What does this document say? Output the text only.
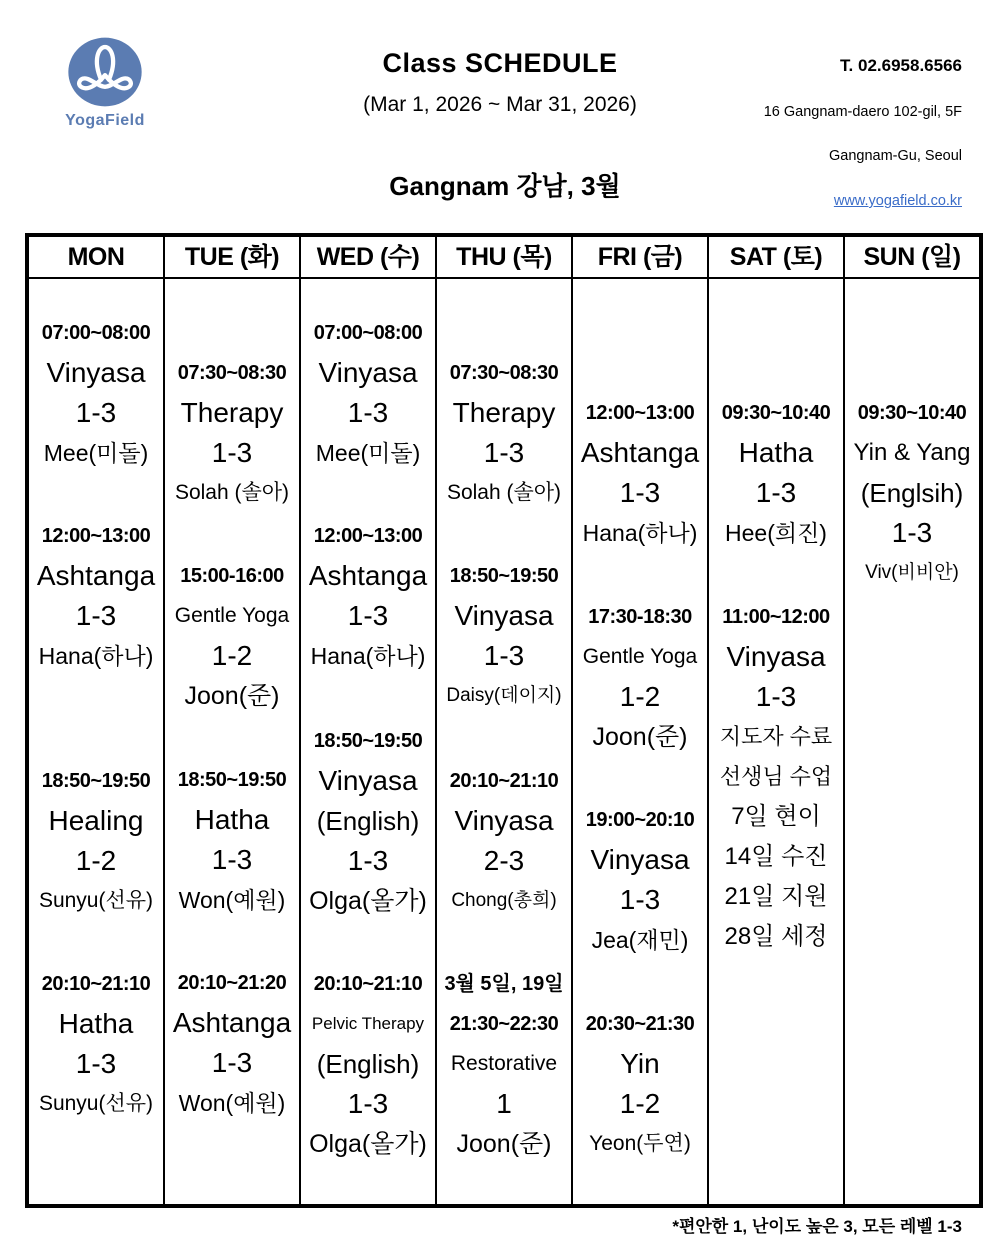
YogaField
Class SCHEDULE
(Mar 1, 2026 ~ Mar 31, 2026)
Gangnam 강남, 3월
T. 02.6958.6566
16 Gangnam-daero 102-gil, 5F
Gangnam-Gu, Seoul
www.yogafield.co.kr
MON
07:00~08:00
Vinyasa
1-3
Mee(미돌)
12:00~13:00
Ashtanga
1-3
Hana(하나)
18:50~19:50
Healing
1-2
Sunyu(선유)
20:10~21:10
Hatha
1-3
Sunyu(선유)
TUE (화)
07:30~08:30
Therapy
1-3
Solah (솔아)
15:00-16:00
Gentle Yoga
1-2
Joon(준)
18:50~19:50
Hatha
1-3
Won(예원)
20:10~21:20
Ashtanga
1-3
Won(예원)
WED (수)
07:00~08:00
Vinyasa
1-3
Mee(미돌)
12:00~13:00
Ashtanga
1-3
Hana(하나)
18:50~19:50
Vinyasa
(English)
1-3
Olga(올가)
20:10~21:10
Pelvic Therapy
(English)
1-3
Olga(올가)
THU (목)
07:30~08:30
Therapy
1-3
Solah (솔아)
18:50~19:50
Vinyasa
1-3
Daisy(데이지)
20:10~21:10
Vinyasa
2-3
Chong(총희)
3월 5일, 19일
21:30~22:30
Restorative
1
Joon(준)
FRI (금)
12:00~13:00
Ashtanga
1-3
Hana(하나)
17:30-18:30
Gentle Yoga
1-2
Joon(준)
19:00~20:10
Vinyasa
1-3
Jea(재민)
20:30~21:30
Yin
1-2
Yeon(두연)
SAT (토)
09:30~10:40
Hatha
1-3
Hee(희진)
11:00~12:00
Vinyasa
1-3
지도자 수료
선생님 수업
7일 현이
14일 수진
21일 지원
28일 세정
SUN (일)
09:30~10:40
Yin & Yang
(Englsih)
1-3
Viv(비비안)
*편안한 1, 난이도 높은 3, 모든 레벨 1-3
